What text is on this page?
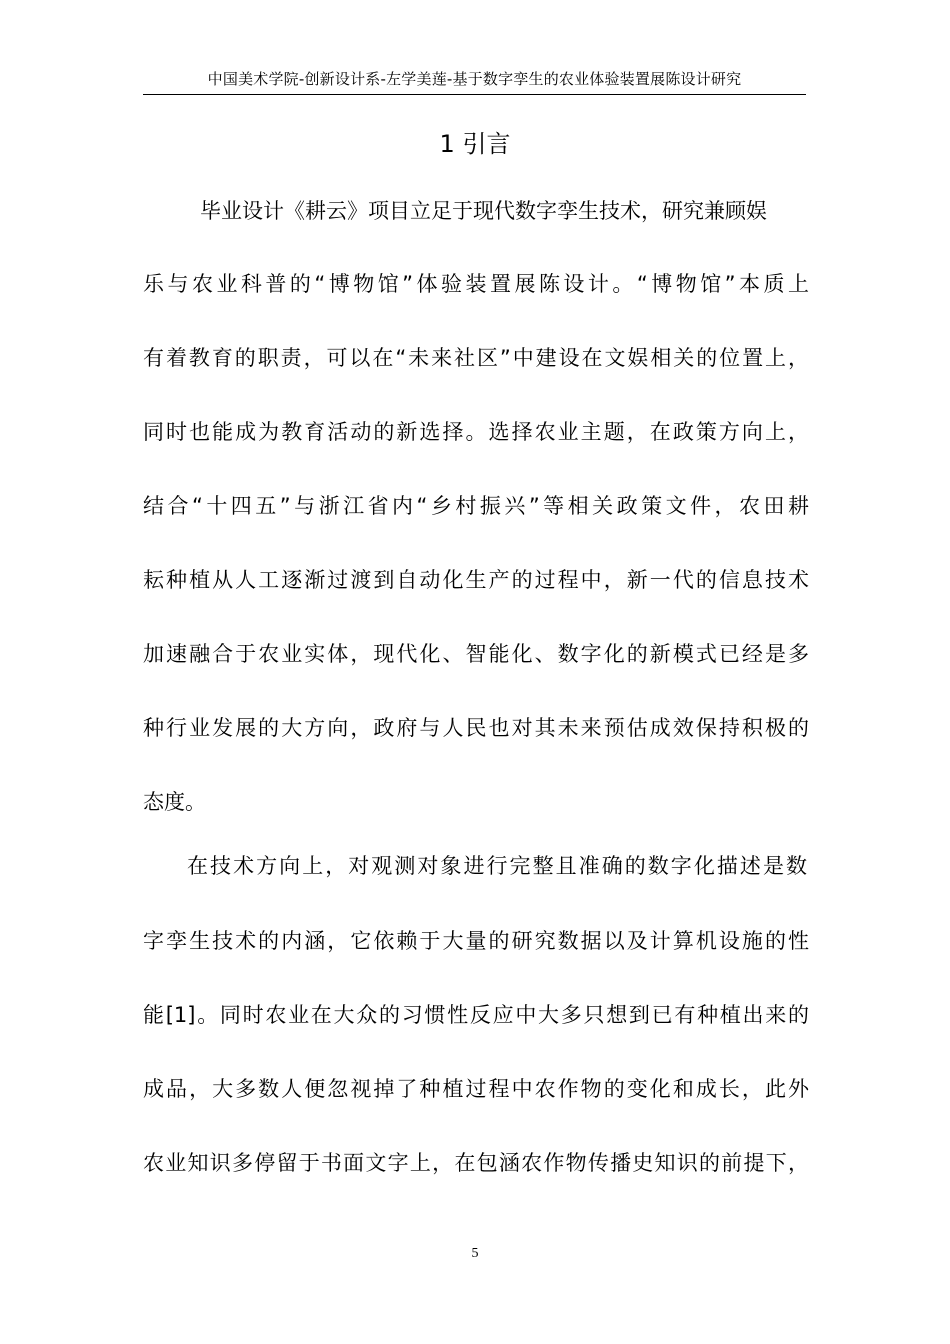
中国美术学院-创新设计系-左学美莲-基于数字孪生的农业体验装置展陈设计研究
1 引言
毕业设计《耕云》项目立足于现代数字孪生技术，研究兼顾娱
乐与农业科普的“博物馆”体验装置展陈设计。“博物馆”本质上
有着教育的职责，可以在“未来社区”中建设在文娱相关的位置上，
同时也能成为教育活动的新选择。选择农业主题，在政策方向上，
结合“十四五”与浙江省内“乡村振兴”等相关政策文件，农田耕
耘种植从人工逐渐过渡到自动化生产的过程中，新一代的信息技术
加速融合于农业实体，现代化、智能化、数字化的新模式已经是多
种行业发展的大方向，政府与人民也对其未来预估成效保持积极的
态度。
在技术方向上，对观测对象进行完整且准确的数字化描述是数
字孪生技术的内涵，它依赖于大量的研究数据以及计算机设施的性
能[1]。同时农业在大众的习惯性反应中大多只想到已有种植出来的
成品，大多数人便忽视掉了种植过程中农作物的变化和成长，此外
农业知识多停留于书面文字上，在包涵农作物传播史知识的前提下，
5
